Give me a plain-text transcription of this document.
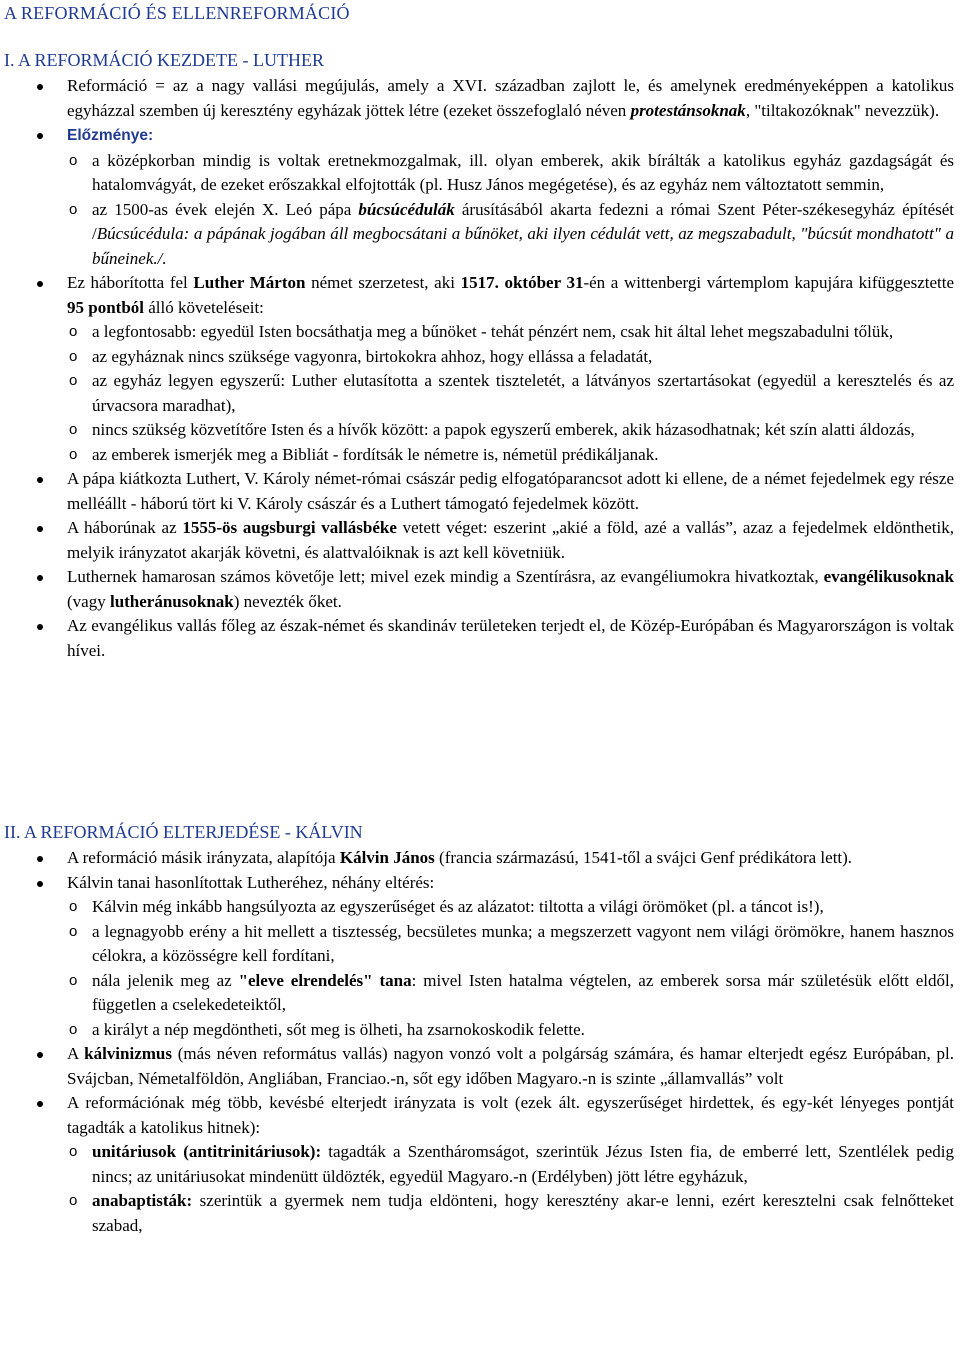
A REFORMÁCIÓ ÉS ELLENREFORMÁCIÓ
I. A REFORMÁCIÓ KEZDETE - LUTHER
Reformáció = az a nagy vallási megújulás, amely a XVI. században zajlott le, és amelynek eredményeképpen a katolikus egyházzal szemben új keresztény egyházak jöttek létre (ezeket összefoglaló néven protestánsoknak, "tiltakozóknak" nevezzük).
Előzménye:
o a középkorban mindig is voltak eretnekmozgalmak, ill. olyan emberek, akik bírálták a katolikus egyház gazdagságát és hatalomvágyát, de ezeket erőszakkal elfojtották (pl. Husz János megégetése), és az egyház nem változtatott semmin,
o az 1500-as évek elején X. Leó pápa búcsúcédulák árusításából akarta fedezni a római Szent Péter-székesegyház építését /Búcsúcédula: a pápának jogában áll megbocsátani a bűnöket, aki ilyen cédulát vett, az megszabadult, "búcsút mondhatott" a bűneinek./.
Ez háborította fel Luther Márton német szerzetest, aki 1517. október 31-én a wittenbergi vártemplom kapujára kifüggesztette 95 pontból álló követeléseit:
o a legfontosabb: egyedül Isten bocsáthatja meg a bűnöket - tehát pénzért nem, csak hit által lehet megszabadulni tőlük,
o az egyháznak nincs szüksége vagyonra, birtokokra ahhoz, hogy ellássa a feladatát,
o az egyház legyen egyszerű: Luther elutasította a szentek tiszteletét, a látványos szertartásokat (egyedül a keresztelés és az úrvacsora maradhat),
o nincs szükség közvetítőre Isten és a hívők között: a papok egyszerű emberek, akik házasodhatnak; két szín alatti áldozás,
o az emberek ismerjék meg a Bibliát - fordítsák le németre is, németül prédikáljanak.
A pápa kiátkozta Luthert, V. Károly német-római császár pedig elfogatóparancsot adott ki ellene, de a német fejedelmek egy része melléállt - háború tört ki V. Károly császár és a Luthert támogató fejedelmek között.
A háborúnak az 1555-ös augsburgi vallásbéke vetett véget: eszerint „akié a föld, azé a vallás”, azaz a fejedelmek eldönthetik, melyik irányzatot akarják követni, és alattvalóiknak is azt kell követniük.
Luthernek hamarosan számos követője lett; mivel ezek mindig a Szentírásra, az evangéliumokra hivatkoztak, evangélikusoknak (vagy lutheránusoknak) nevezték őket.
Az evangélikus vallás főleg az észak-német és skandináv területeken terjedt el, de Közép-Európában és Magyarországon is voltak hívei.
II. A REFORMÁCIÓ ELTERJEDÉSE - KÁLVIN
A reformáció másik irányzata, alapítója Kálvin János (francia származású, 1541-től a svájci Genf prédikátora lett).
Kálvin tanai hasonlítottak Lutheréhez, néhány eltérés:
o Kálvin még inkább hangsúlyozta az egyszerűséget és az alázatot: tiltotta a világi örömöket (pl. a táncot is!),
o a legnagyobb erény a hit mellett a tisztesség, becsületes munka; a megszerzett vagyont nem világi örömökre, hanem hasznos célokra, a közösségre kell fordítani,
o nála jelenik meg az "eleve elrendelés" tana: mivel Isten hatalma végtelen, az emberek sorsa már születésük előtt eldől, független a cselekedeteiktől,
o a királyt a nép megdöntheti, sőt meg is ölheti, ha zsarnokoskodik felette.
A kálvinizmus (más néven református vallás) nagyon vonzó volt a polgárság számára, és hamar elterjedt egész Európában, pl. Svájcban, Németalföldön, Angliában, Franciao.-n, sőt egy időben Magyaro.-n is szinte „államvallás” volt
A reformációnak még több, kevésbé elterjedt irányzata is volt (ezek ált. egyszerűséget hirdettek, és egy-két lényeges pontját tagadták a katolikus hitnek):
o unitáriusok (antitrinitáriusok): tagadták a Szentháromságot, szerintük Jézus Isten fia, de emberré lett, Szentlélek pedig nincs; az unitáriusokat mindenütt üldözték, egyedül Magyaro.-n (Erdélyben) jött létre egyházuk,
o anabaptisták: szerintük a gyermek nem tudja eldönteni, hogy keresztény akar-e lenni, ezért keresztelni csak felnőtteket szabad,
